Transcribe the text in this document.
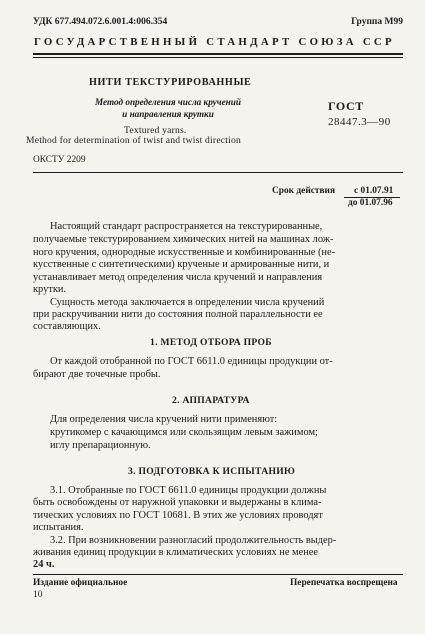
УДК 677.494.072.6.001.4:006.354	Группа М99
ГОСУДАРСТВЕННЫЙ СТАНДАРТ СОЮЗА ССР
НИТИ ТЕКСТУРИРОВАННЫЕ
Метод определения числа кручений
и направления крутки
Textured yarns.
Method for determination of twist and twist direction
ГОСТ
28447.3—90
ОКСТУ 2209
Срок действия с 01.07.91
до 01.07.96
Настоящий стандарт распространяется на текстурированные,
получаемые текстурированием химических нитей на машинах лож-
ного кручения, однородные искусственные и комбинированные (не-
кусственные с синтетическими) крученые и армированные нити, и
устанавливает метод определения числа кручений и направления
крутки.
Сущность метода заключается в определении числа кручений
при раскручивании нити до состояния полной параллельности ее
составляющих.
1. МЕТОД ОТБОРА ПРОБ
От каждой отобранной по ГОСТ 6611.0 единицы продукции от-
бирают две точечные пробы.
2. АППАРАТУРА
Для определения числа кручений нити применяют:
крутикомер с качающимся или скользящим левым зажимом;
иглу препарационную.
3. ПОДГОТОВКА К ИСПЫТАНИЮ
3.1. Отобранные по ГОСТ 6611.0 единицы продукции должны
быть освобождены от наружной упаковки и выдержаны в клима-
тических условиях по ГОСТ 10681. В этих же условиях проводят
испытания.
3.2. При возникновении разногласий продолжительность выдер-
живания единиц продукции в климатических условиях не менее
24 ч.
Издание официальное	Перепечатка воспрещена
10
